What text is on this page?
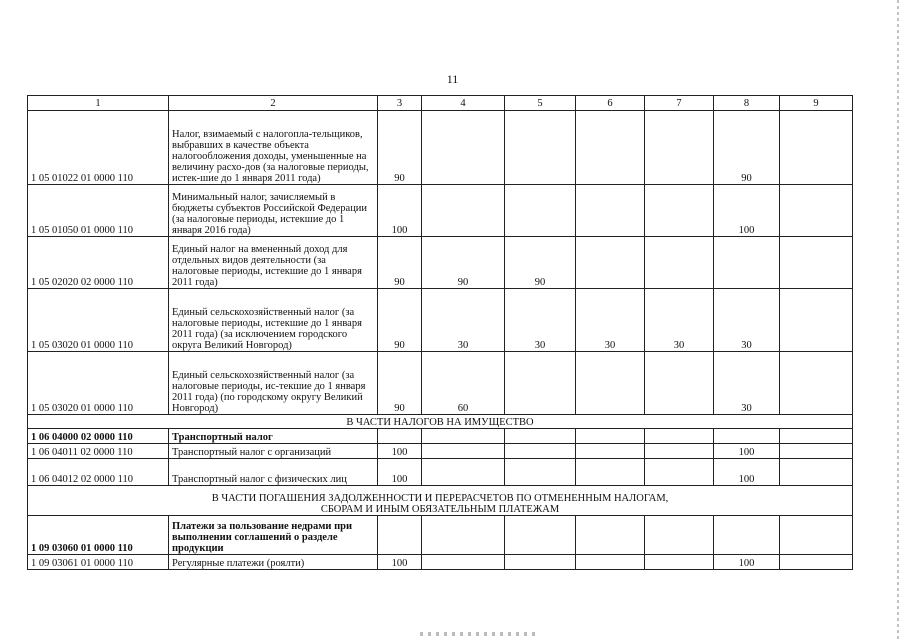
11
1	2	3	4	5	6	7	8	9
1 05 01022 01 0000 110	Налог, взимаемый с налогопла-тельщиков, выбравших в качестве объекта налогообложения доходы, уменьшенные на величину расхо-дов (за налоговые периоды, истек-шие до 1 января 2011 года)	90					90	
1 05 01050 01 0000 110	Минимальный налог, зачисляемый в бюджеты субъектов Российской Федерации (за налоговые периоды, истекшие до 1 января 2016 года)	100					100	
1 05 02020 02 0000 110	Единый налог на вмененный доход для отдельных видов деятельности (за налоговые периоды, истекшие до 1 января 2011 года)	90	90	90				
1 05 03020 01 0000 110	Единый сельскохозяйственный налог (за налоговые периоды, истекшие до 1 января 2011 года) (за исключением городского округа Великий Новгород)	90	30	30	30	30	30	
1 05 03020 01 0000 110	Единый сельскохозяйственный налог (за налоговые периоды, ис-текшие до 1 января 2011 года) (по городскому округу Великий Новгород)	90	60				30	

В ЧАСТИ НАЛОГОВ НА ИМУЩЕСТВО								

1 06 04000 02 0000 110	Транспортный налог							
1 06 04011 02 0000 110	Транспортный налог с организаций	100					100	
1 06 04012 02 0000 110	Транспортный налог с физических лиц	100					100	

В ЧАСТИ ПОГАШЕНИЯ ЗАДОЛЖЕННОСТИ И ПЕРЕРАСЧЕТОВ ПО ОТМЕНЕННЫМ НАЛОГАМ,
СБОРАМ И ИНЫМ ОБЯЗАТЕЛЬНЫМ ПЛАТЕЖАМ								

1 09 03060 01 0000 110	Платежи за пользование недрами при выполнении соглашений о разделе продукции							
1 09 03061 01 0000 110	Регулярные платежи (роялти)	100					100	
